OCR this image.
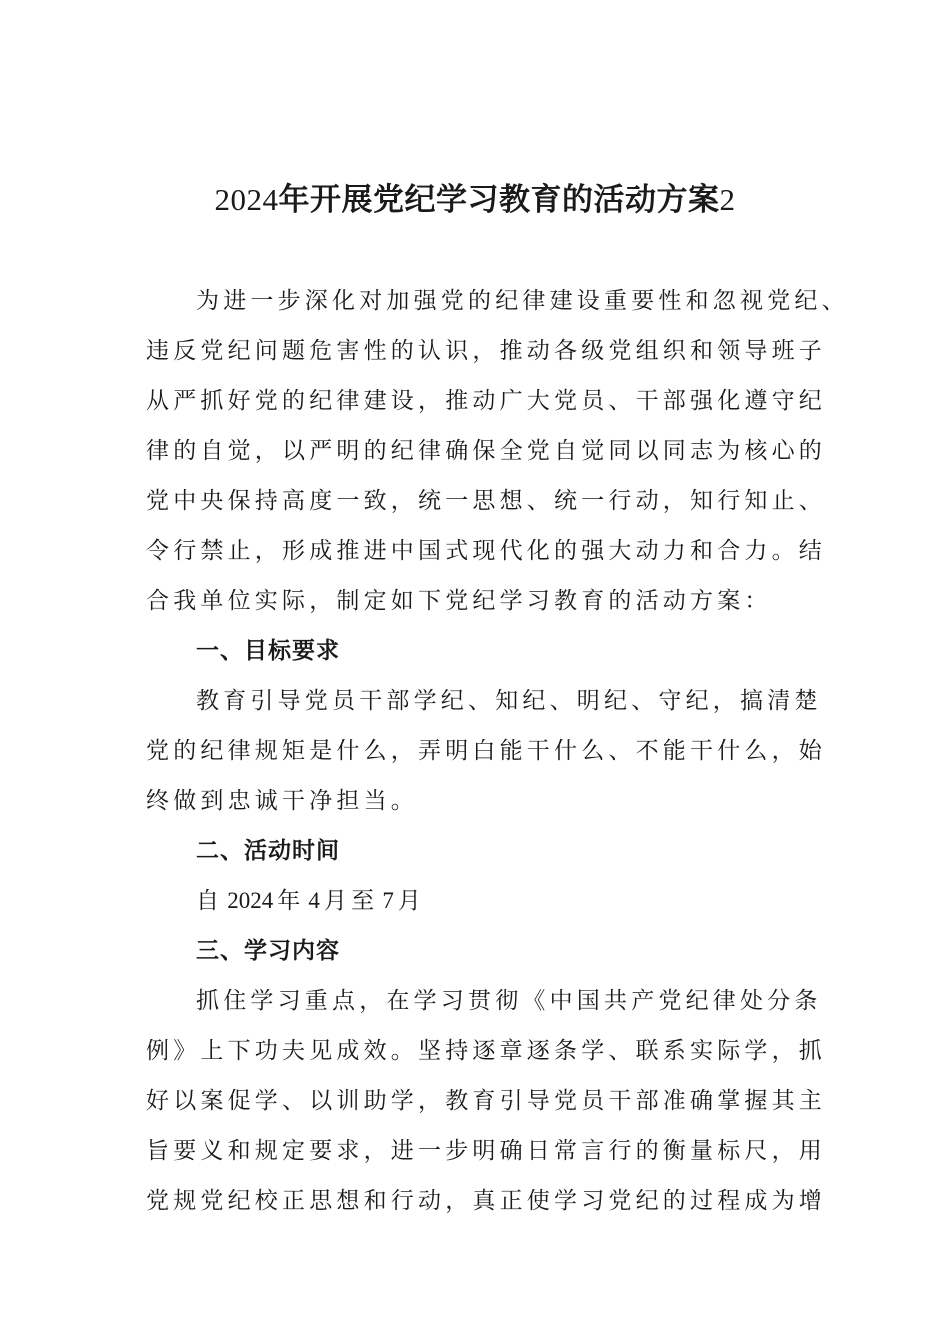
2024年开展党纪学习教育的活动方案2
为进一步深化对加强党的纪律建设重要性和忽视党纪、
违反党纪问题危害性的认识，推动各级党组织和领导班子
从严抓好党的纪律建设，推动广大党员、干部强化遵守纪
律的自觉，以严明的纪律确保全党自觉同以同志为核心的
党中央保持高度一致，统一思想、统一行动，知行知止、
令行禁止，形成推进中国式现代化的强大动力和合力。结
合我单位实际，制定如下党纪学习教育的活动方案：
一、目标要求
教育引导党员干部学纪、知纪、明纪、守纪，搞清楚
党的纪律规矩是什么，弄明白能干什么、不能干什么，始
终做到忠诚干净担当。
二、活动时间
自 2024 年 4 月至 7 月
三、学习内容
抓住学习重点，在学习贯彻《中国共产党纪律处分条
例》上下功夫见成效。坚持逐章逐条学、联系实际学，抓
好以案促学、以训助学，教育引导党员干部准确掌握其主
旨要义和规定要求，进一步明确日常言行的衡量标尺，用
党规党纪校正思想和行动，真正使学习党纪的过程成为增
